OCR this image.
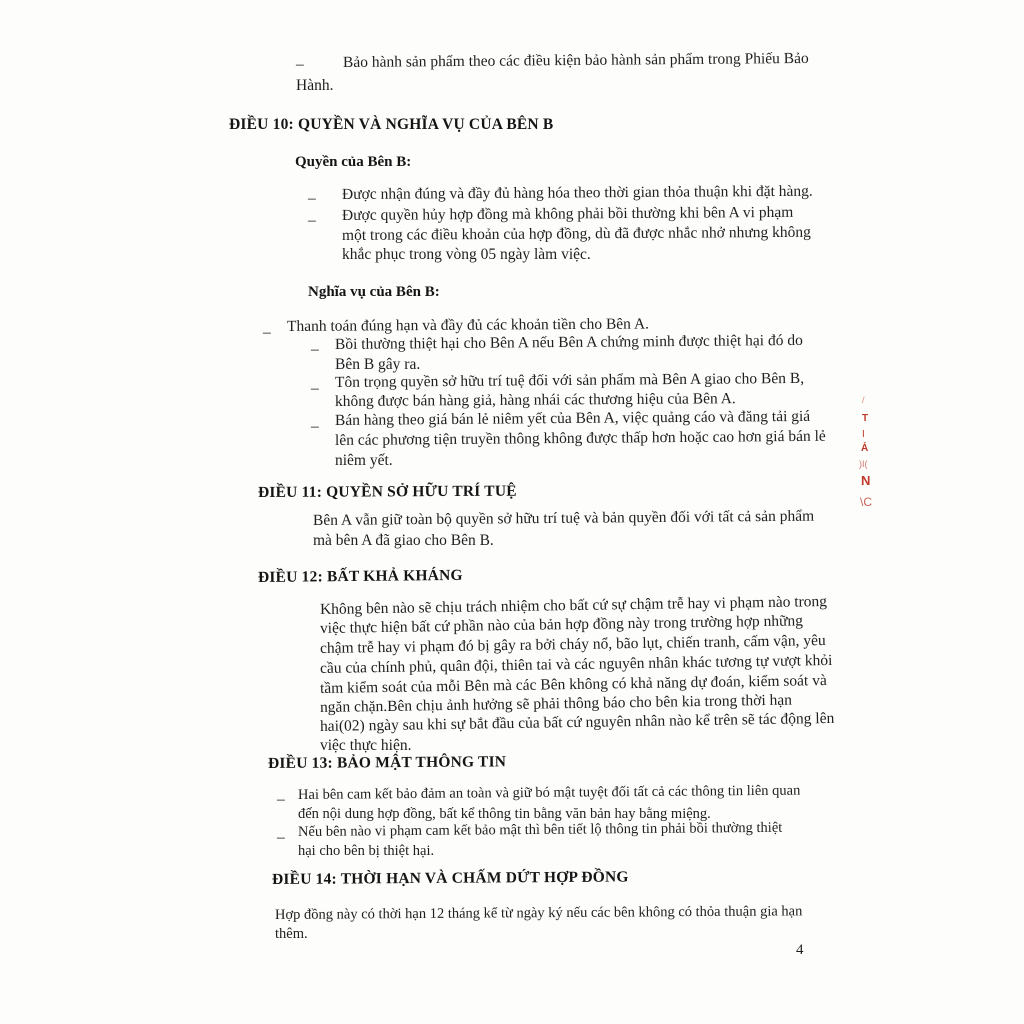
–	Bảo hành sản phẩm theo các điều kiện bảo hành sản phẩm trong Phiếu Bảo
Hành.
ĐIỀU 10: QUYỀN VÀ NGHĨA VỤ CỦA BÊN B
Quyền của Bên B:
– Được nhận đúng và đầy đủ hàng hóa theo thời gian thỏa thuận khi đặt hàng.
– Được quyền hủy hợp đồng mà không phải bồi thường khi bên A vi phạm
một trong các điều khoản của hợp đồng, dù đã được nhắc nhở nhưng không
khắc phục trong vòng 05 ngày làm việc.
Nghĩa vụ của Bên B:
– Thanh toán đúng hạn và đầy đủ các khoản tiền cho Bên A.
– Bồi thường thiệt hại cho Bên A nếu Bên A chứng minh được thiệt hại đó do
Bên B gây ra.
– Tôn trọng quyền sở hữu trí tuệ đối với sản phẩm mà Bên A giao cho Bên B,
không được bán hàng giả, hàng nhái các thương hiệu của Bên A.
– Bán hàng theo giá bán lẻ niêm yết của Bên A, việc quảng cáo và đăng tải giá
lên các phương tiện truyền thông không được thấp hơn hoặc cao hơn giá bán lẻ
niêm yết.
ĐIỀU 11: QUYỀN SỞ HỮU TRÍ TUỆ
Bên A vẫn giữ toàn bộ quyền sở hữu trí tuệ và bản quyền đối với tất cả sản phẩm
mà bên A đã giao cho Bên B.
ĐIỀU 12: BẤT KHẢ KHÁNG
Không bên nào sẽ chịu trách nhiệm cho bất cứ sự chậm trễ hay vi phạm nào trong
việc thực hiện bất cứ phần nào của bản hợp đồng này trong trường hợp những
chậm trễ hay vi phạm đó bị gây ra bởi cháy nổ, bão lụt, chiến tranh, cấm vận, yêu
cầu của chính phủ, quân đội, thiên tai và các nguyên nhân khác tương tự vượt khỏi
tầm kiểm soát của mỗi Bên mà các Bên không có khả năng dự đoán, kiểm soát và
ngăn chặn.Bên chịu ảnh hưởng sẽ phải thông báo cho bên kia trong thời hạn
hai(02) ngày sau khi sự bắt đầu của bất cứ nguyên nhân nào kể trên sẽ tác động lên
việc thực hiện.
ĐIỀU 13: BẢO MẬT THÔNG TIN
– Hai bên cam kết bảo đảm an toàn và giữ bó mật tuyệt đối tất cả các thông tin liên quan
đến nội dung hợp đồng, bất kể thông tin bằng văn bản hay bằng miệng.
– Nếu bên nào vi phạm cam kết bảo mật thì bên tiết lộ thông tin phải bồi thường thiệt
hại cho bên bị thiệt hại.
ĐIỀU 14: THỜI HẠN VÀ CHẤM DỨT HỢP ĐỒNG
Hợp đồng này có thời hạn 12 tháng kể từ ngày ký nếu các bên không có thỏa thuận gia hạn
thêm.
4
/
T
I
Ả
)I(
N
\C
